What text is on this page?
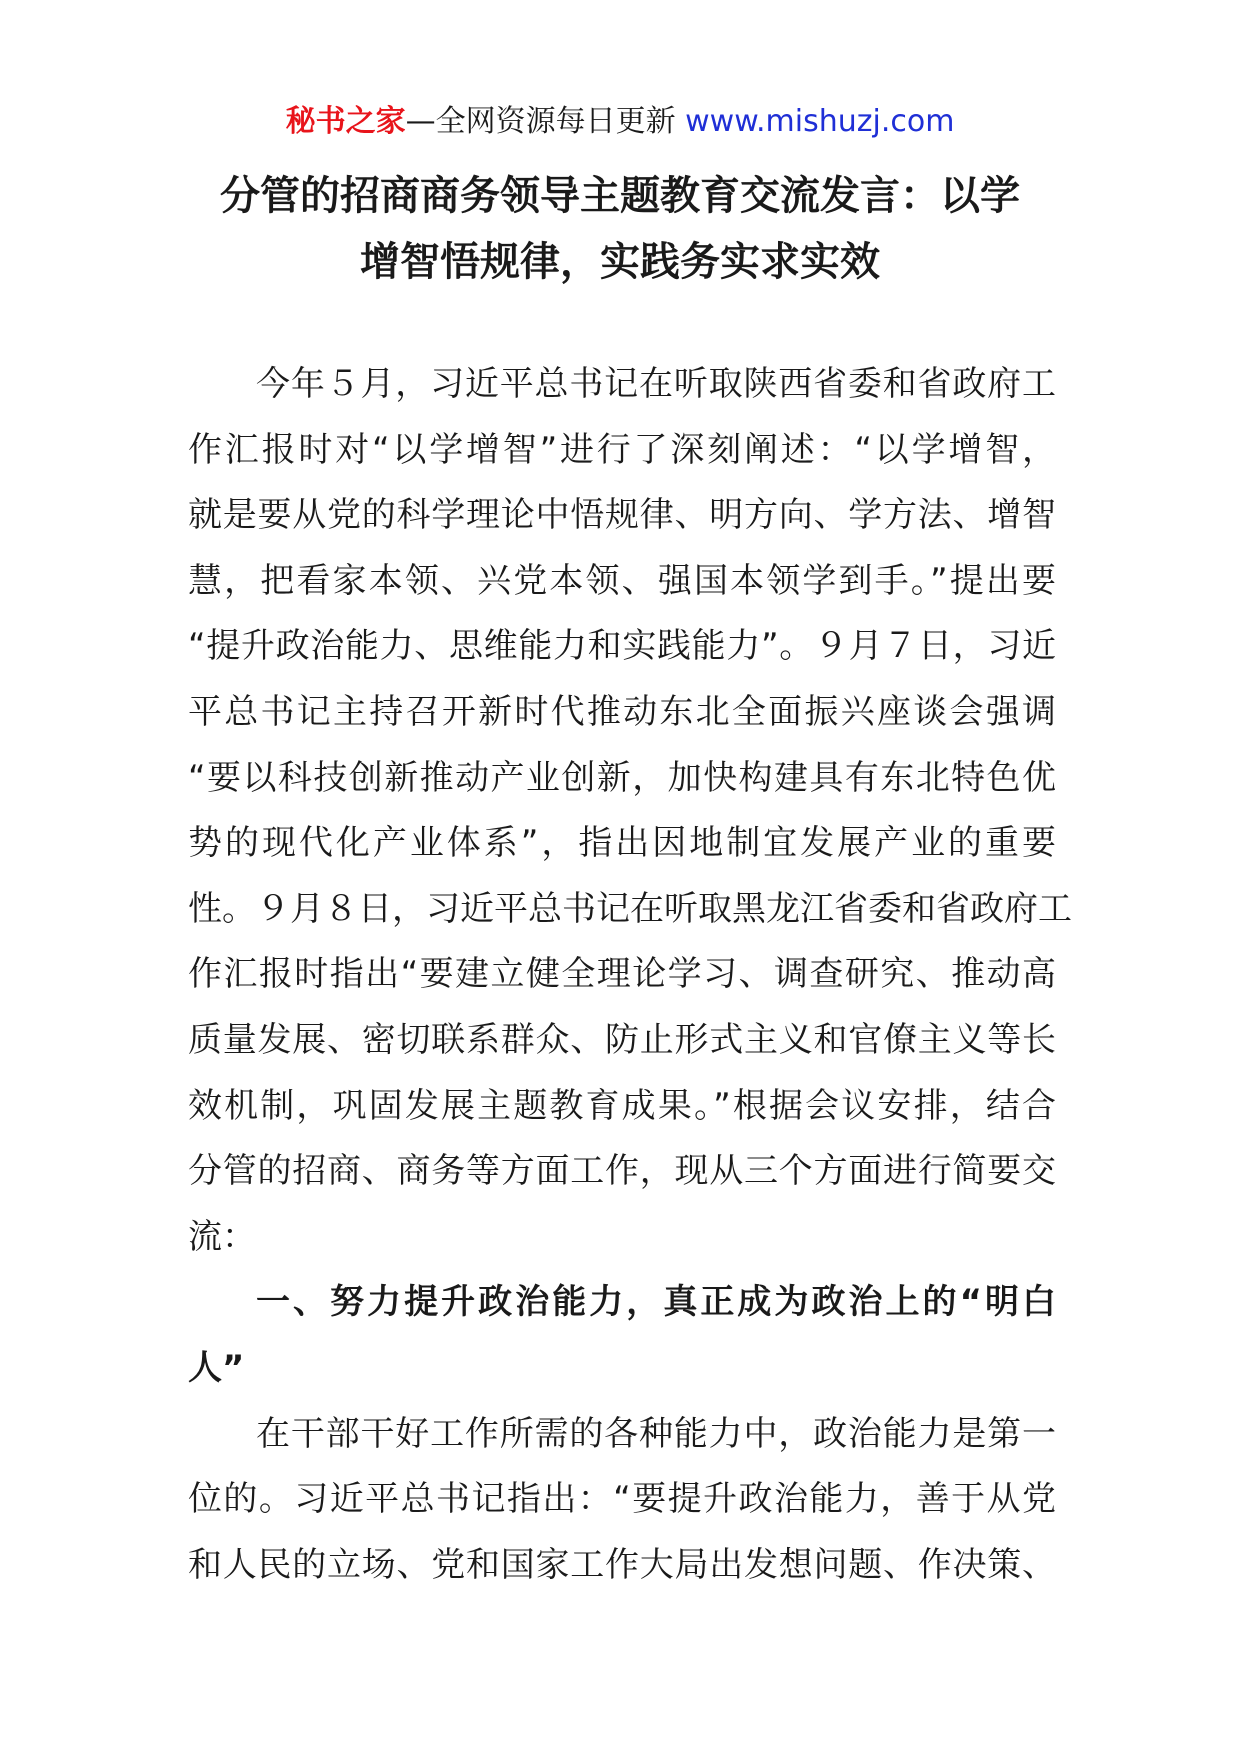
秘书之家—全网资源每日更新 www.mishuzj.com
分管的招商商务领导主题教育交流发言：以学
增智悟规律，实践务实求实效
今年５月，习近平总书记在听取陕西省委和省政府工
作汇报时对“以学增智”进行了深刻阐述：“以学增智，
就是要从党的科学理论中悟规律、明方向、学方法、增智
慧，把看家本领、兴党本领、强国本领学到手。”提出要
“提升政治能力、思维能力和实践能力”。９月７日，习近
平总书记主持召开新时代推动东北全面振兴座谈会强调
“要以科技创新推动产业创新，加快构建具有东北特色优
势的现代化产业体系”，指出因地制宜发展产业的重要
性。９月８日，习近平总书记在听取黑龙江省委和省政府工
作汇报时指出“要建立健全理论学习、调查研究、推动高
质量发展、密切联系群众、防止形式主义和官僚主义等长
效机制，巩固发展主题教育成果。”根据会议安排，结合
分管的招商、商务等方面工作，现从三个方面进行简要交
流：
一、努力提升政治能力，真正成为政治上的“明白
人”
在干部干好工作所需的各种能力中，政治能力是第一
位的。习近平总书记指出：“要提升政治能力，善于从党
和人民的立场、党和国家工作大局出发想问题、作决策、
